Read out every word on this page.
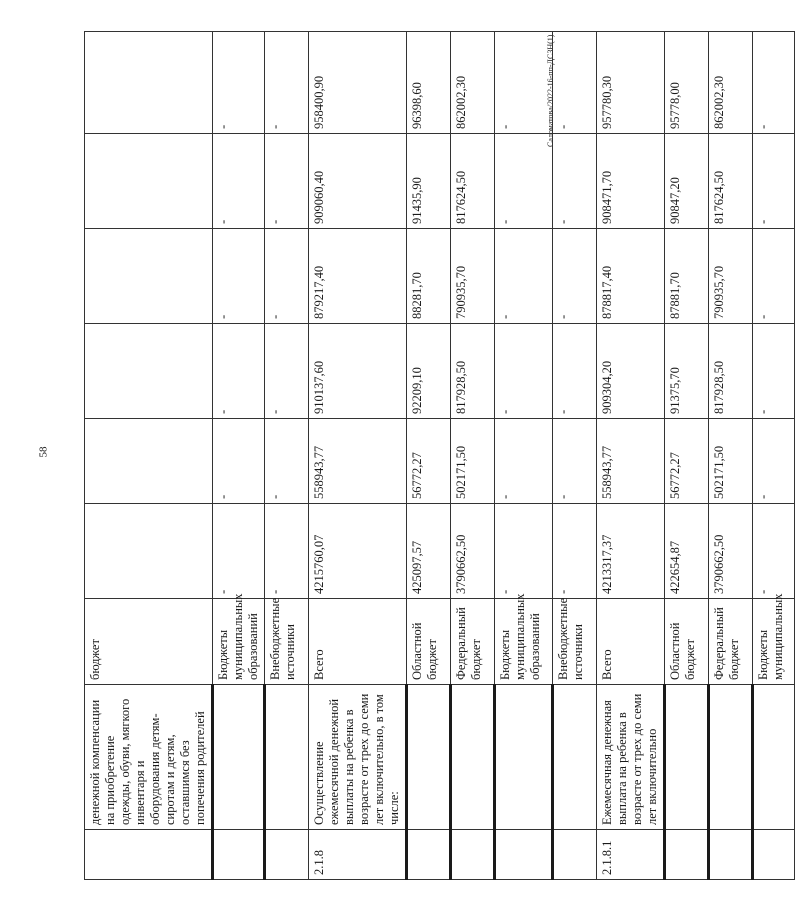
58
Саломатова/2022-16-пп-ДСЗН(1)
	денежной компенсации на приобретение одежды, обуви, мягкого инвентаря и оборудования детям-сиротам и детям, оставшимся без попечения родителей	бюджет						
		Бюджеты муниципальных образований	-	-	-	-	-	-
		Внебюджетные источники	-	-	-	-	-	-
2.1.8	Осуществление ежемесячной денежной выплаты на ребенка в возрасте от трех до семи лет включительно, в том числе:	Всего	4215760,07	558943,77	910137,60	879217,40	909060,40	958400,90
		Областной бюджет	425097,57	56772,27	92209,10	88281,70	91435,90	96398,60
		Федеральный бюджет	3790662,50	502171,50	817928,50	790935,70	817624,50	862002,30
		Бюджеты муниципальных образований	-	-	-	-	-	-
		Внебюджетные источники	-	-	-	-	-	-
2.1.8.1	Ежемесячная денежная выплата на ребенка в возрасте от трех до семи лет включительно	Всего	4213317,37	558943,77	909304,20	878817,40	908471,70	957780,30
		Областной бюджет	422654,87	56772,27	91375,70	87881,70	90847,20	95778,00
		Федеральный бюджет	3790662,50	502171,50	817928,50	790935,70	817624,50	862002,30
		Бюджеты муниципальных	-	-	-	-	-	-
